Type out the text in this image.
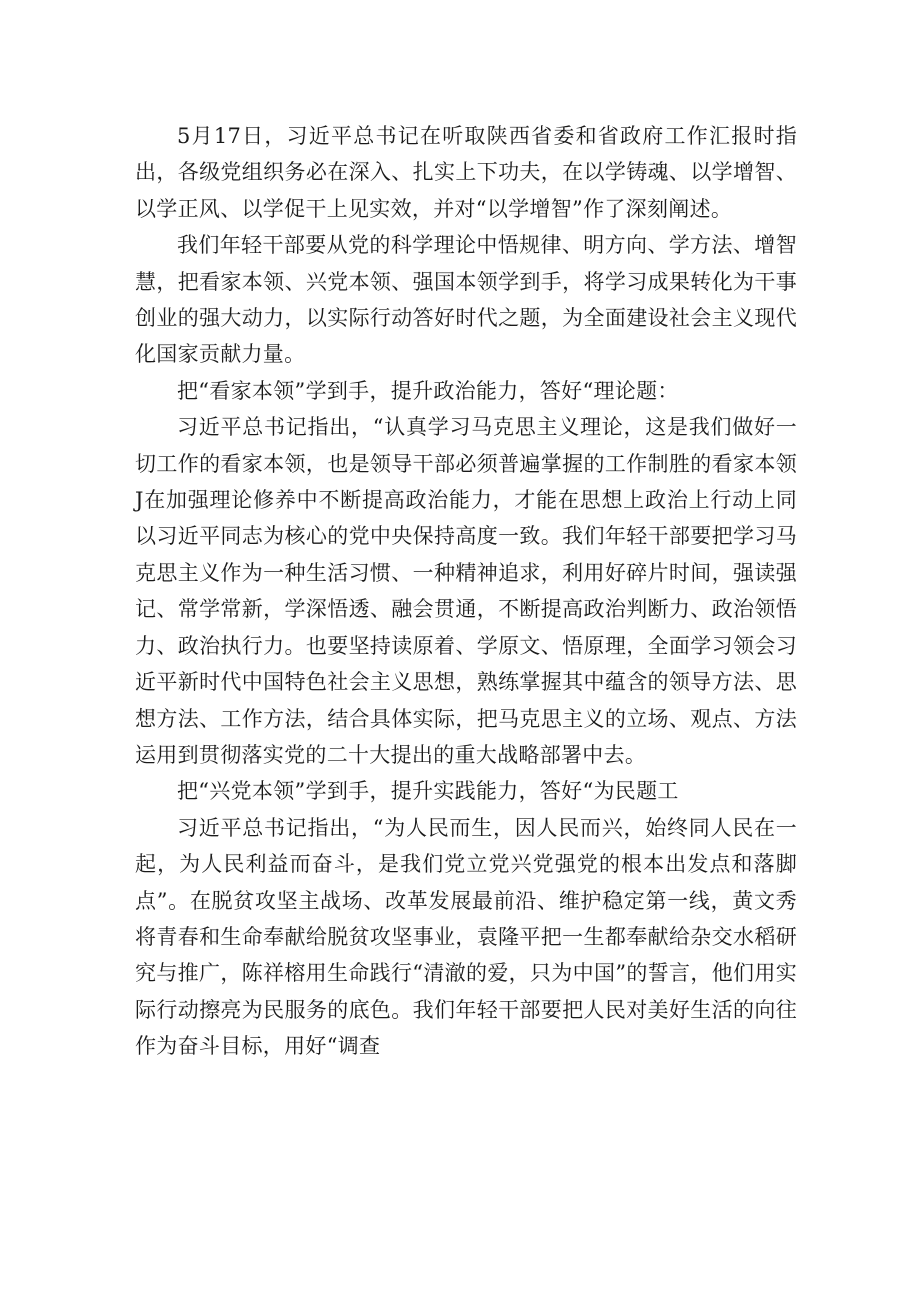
5月17日，习近平总书记在听取陕西省委和省政府工作汇报时指出，各级党组织务必在深入、扎实上下功夫，在以学铸魂、以学增智、以学正风、以学促干上见实效，并对“以学增智”作了深刻阐述。

我们年轻干部要从党的科学理论中悟规律、明方向、学方法、增智慧，把看家本领、兴党本领、强国本领学到手，将学习成果转化为干事创业的强大动力，以实际行动答好时代之题，为全面建设社会主义现代化国家贡献力量。

把“看家本领”学到手，提升政治能力，答好“理论题：

习近平总书记指出，“认真学习马克思主义理论，这是我们做好一切工作的看家本领，也是领导干部必须普遍掌握的工作制胜的看家本领J在加强理论修养中不断提高政治能力，才能在思想上政治上行动上同以习近平同志为核心的党中央保持高度一致。我们年轻干部要把学习马克思主义作为一种生活习惯、一种精神追求，利用好碎片时间，强读强记、常学常新，学深悟透、融会贯通，不断提高政治判断力、政治领悟力、政治执行力。也要坚持读原着、学原文、悟原理，全面学习领会习近平新时代中国特色社会主义思想，熟练掌握其中蕴含的领导方法、思想方法、工作方法，结合具体实际，把马克思主义的立场、观点、方法运用到贯彻落实党的二十大提出的重大战略部署中去。

把“兴党本领”学到手，提升实践能力，答好“为民题工

习近平总书记指出，“为人民而生，因人民而兴，始终同人民在一起，为人民利益而奋斗，是我们党立党兴党强党的根本出发点和落脚点”。在脱贫攻坚主战场、改革发展最前沿、维护稳定第一线，黄文秀将青春和生命奉献给脱贫攻坚事业，袁隆平把一生都奉献给杂交水稻研究与推广，陈祥榕用生命践行“清澈的爱，只为中国”的誓言，他们用实际行动擦亮为民服务的底色。我们年轻干部要把人民对美好生活的向往作为奋斗目标，用好“调查
